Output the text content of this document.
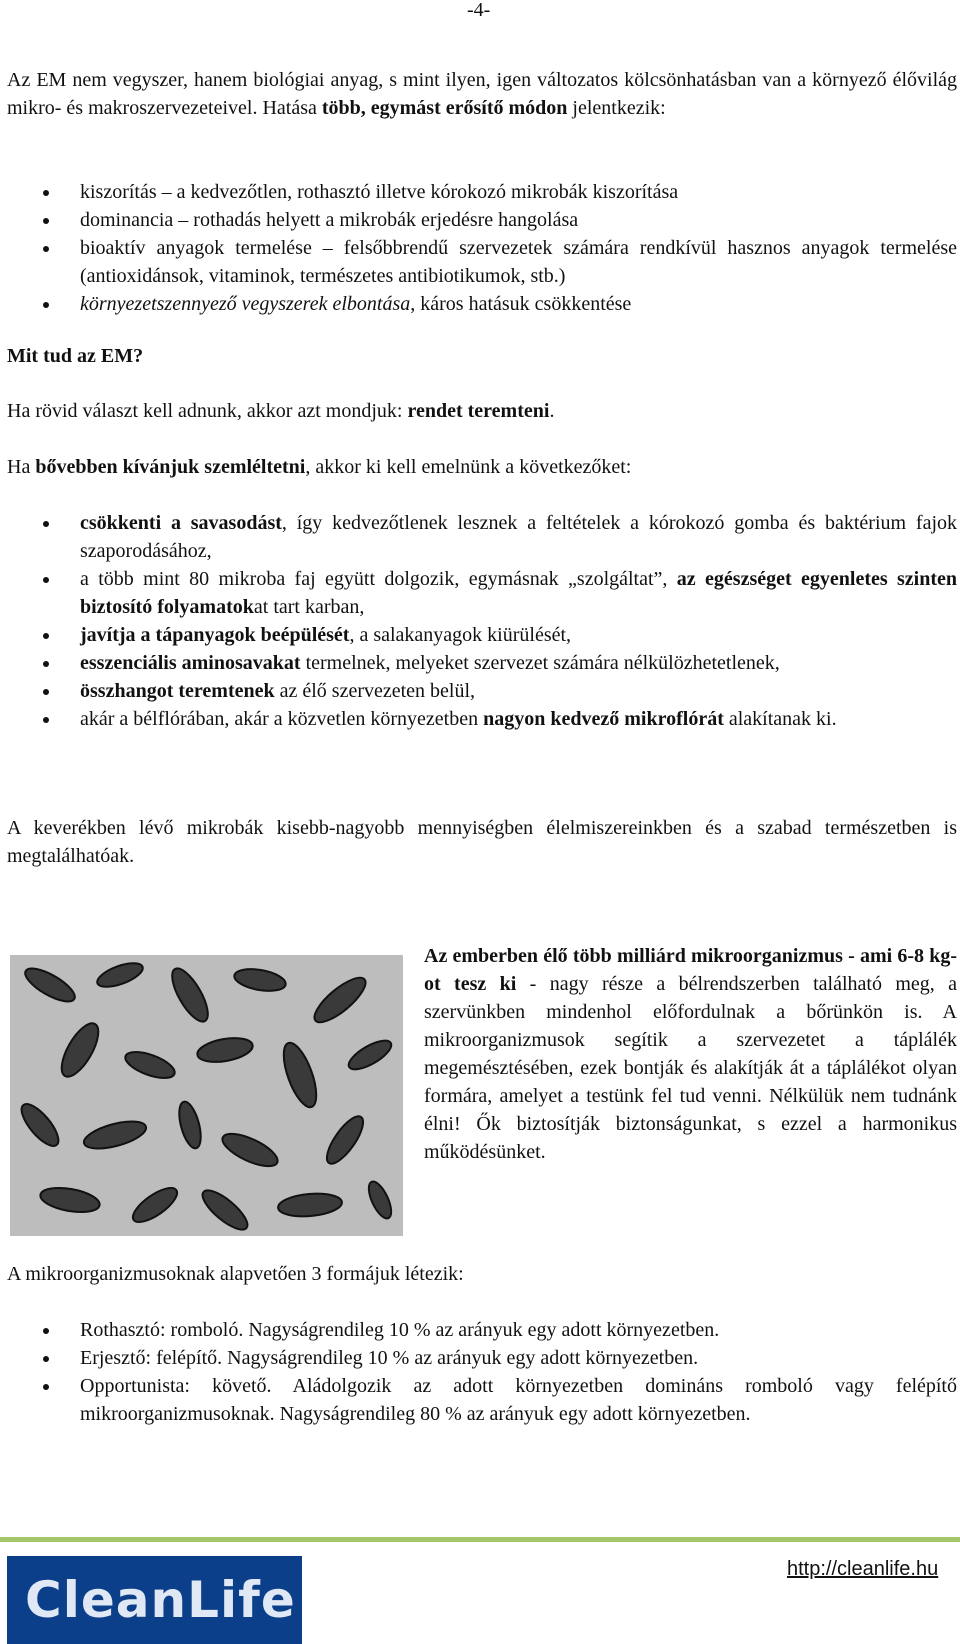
-4-

Az EM nem vegyszer, hanem biológiai anyag, s mint ilyen, igen változatos kölcsönhatásban van a környező élővilág mikro- és makroszervezeteivel. Hatása több, egymást erősítő módon jelentkezik:

kiszorítás – a kedvezőtlen, rothasztó illetve kórokozó mikrobák kiszorítása
dominancia – rothadás helyett a mikrobák erjedésre hangolása
bioaktív anyagok termelése – felsőbbrendű szervezetek számára rendkívül hasznos anyagok termelése (antioxidánsok, vitaminok, természetes antibiotikumok, stb.)
környezetszennyező vegyszerek elbontása, káros hatásuk csökkentése
Mit tud az EM?

Ha rövid választ kell adnunk, akkor azt mondjuk: rendet teremteni.

Ha bővebben kívánjuk szemléltetni, akkor ki kell emelnünk a következőket:

csökkenti a savasodást, így kedvezőtlenek lesznek a feltételek a kórokozó gomba és baktérium fajok szaporodásához,
a több mint 80 mikroba faj együtt dolgozik, egymásnak „szolgáltat”, az egészséget egyenletes szinten biztosító folyamatokat tart karban,
javítja a tápanyagok beépülését, a salakanyagok kiürülését,
esszenciális aminosavakat termelnek, melyeket szervezet számára nélkülözhetetlenek,
összhangot teremtenek az élő szervezeten belül,
akár a bélflórában, akár a közvetlen környezetben nagyon kedvező mikroflórát alakítanak ki.

A keverékben lévő mikrobák kisebb-nagyobb mennyiségben élelmiszereinkben és a szabad természetben is megtalálhatóak.

Az emberben élő több milliárd mikroorganizmus - ami 6-8 kg-ot tesz ki - nagy része a bélrendszerben található meg, a szervünkben mindenhol előfordulnak a bőrünkön is. A mikroorganizmusok segítik a szervezetet a táplálék megemésztésében, ezek bontják és alakítják át a táplálékot olyan formára, amelyet a testünk fel tud venni. Nélkülük nem tudnánk élni! Ők biztosítják biztonságunkat, s ezzel a harmonikus működésünket.

A mikroorganizmusoknak alapvetően 3 formájuk létezik:
Rothasztó: romboló. Nagyságrendileg 10 % az arányuk egy adott környezetben.
Erjesztő: felépítő. Nagyságrendileg 10 % az arányuk egy adott környezetben.
Opportunista: követő. Aládolgozik az adott környezetben domináns romboló vagy felépítő mikroorganizmusoknak. Nagyságrendileg 80 % az arányuk egy adott környezetben.
CleanLife
http://cleanlife.hu
